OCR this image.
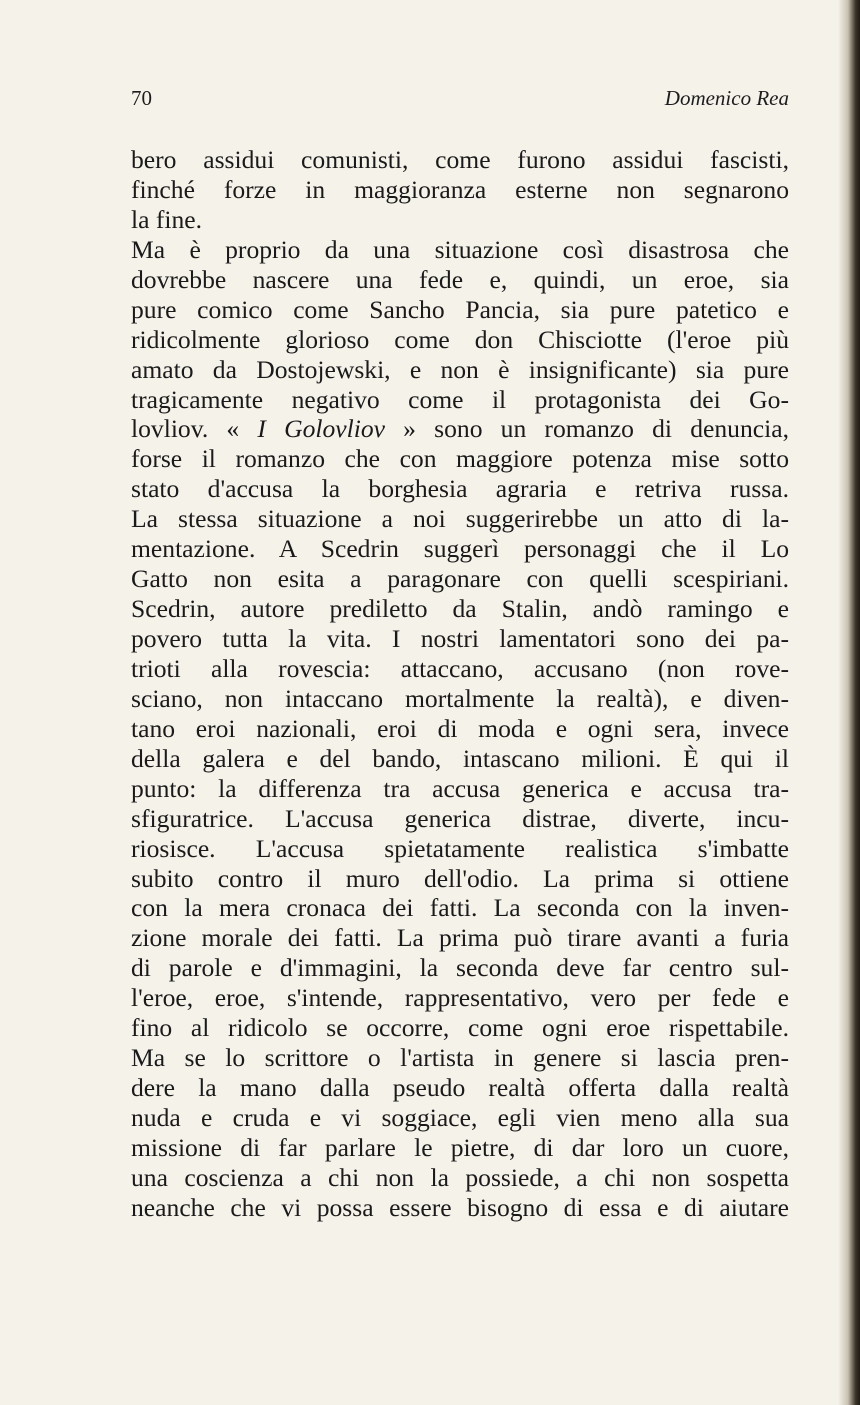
70	Domenico Rea
bero assidui comunisti, come furono assidui fascisti,
finché forze in maggioranza esterne non segnarono
la fine.
Ma è proprio da una situazione così disastrosa che
dovrebbe nascere una fede e, quindi, un eroe, sia
pure comico come Sancho Pancia, sia pure patetico e
ridicolmente glorioso come don Chisciotte (l'eroe più
amato da Dostojewski, e non è insignificante) sia pure
tragicamente negativo come il protagonista dei Go-
lovliov. « I Golovliov » sono un romanzo di denuncia,
forse il romanzo che con maggiore potenza mise sotto
stato d'accusa la borghesia agraria e retriva russa.
La stessa situazione a noi suggerirebbe un atto di la-
mentazione. A Scedrin suggerì personaggi che il Lo
Gatto non esita a paragonare con quelli scespiriani.
Scedrin, autore prediletto da Stalin, andò ramingo e
povero tutta la vita. I nostri lamentatori sono dei pa-
trioti alla rovescia: attaccano, accusano (non rove-
sciano, non intaccano mortalmente la realtà), e diven-
tano eroi nazionali, eroi di moda e ogni sera, invece
della galera e del bando, intascano milioni. È qui il
punto: la differenza tra accusa generica e accusa tra-
sfiguratrice. L'accusa generica distrae, diverte, incu-
riosisce. L'accusa spietatamente realistica s'imbatte
subito contro il muro dell'odio. La prima si ottiene
con la mera cronaca dei fatti. La seconda con la inven-
zione morale dei fatti. La prima può tirare avanti a furia
di parole e d'immagini, la seconda deve far centro sul-
l'eroe, eroe, s'intende, rappresentativo, vero per fede e
fino al ridicolo se occorre, come ogni eroe rispettabile.
Ma se lo scrittore o l'artista in genere si lascia pren-
dere la mano dalla pseudo realtà offerta dalla realtà
nuda e cruda e vi soggiace, egli vien meno alla sua
missione di far parlare le pietre, di dar loro un cuore,
una coscienza a chi non la possiede, a chi non sospetta
neanche che vi possa essere bisogno di essa e di aiutare
